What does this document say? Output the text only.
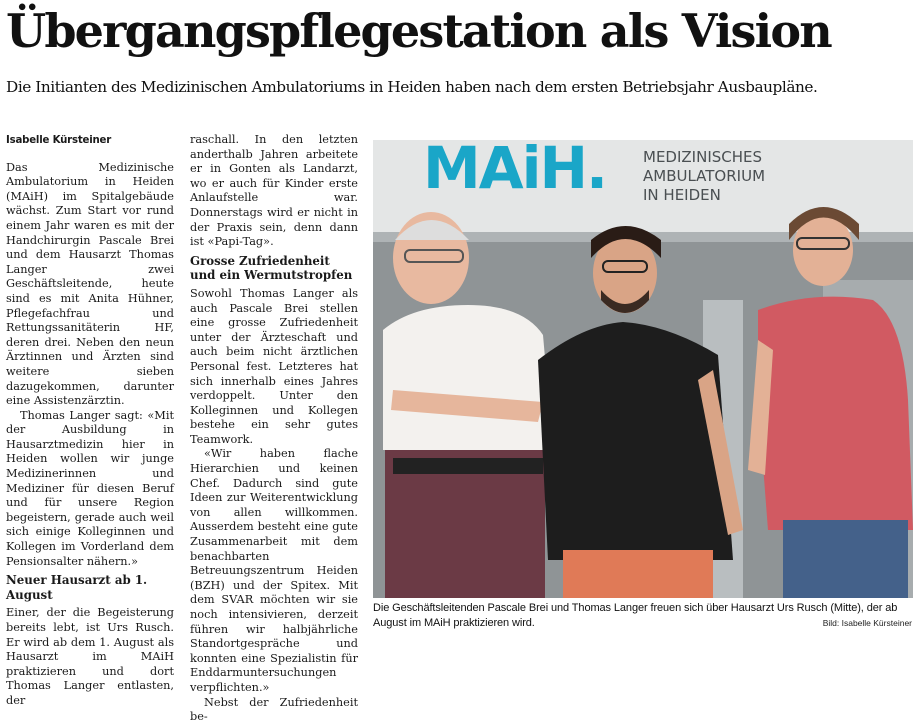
Übergangspflegestation als Vision

Die Initianten des Medizinischen Ambulatoriums in Heiden haben nach dem ersten Betriebsjahr Ausbaupläne.

Isabelle Kürsteiner

Das Medizinische Ambulatorium in Heiden (MAiH) im Spitalgebäude wächst. Zum Start vor rund einem Jahr waren es mit der Handchirurgin Pascale Brei und dem Hausarzt Thomas Langer zwei Geschäftsleitende, heute sind es mit Anita Hühner, Pflegefachfrau und Rettungssanitäterin HF, deren drei. Neben den neun Ärztinnen und Ärzten sind weitere sieben dazugekommen, darunter eine Assistenzärztin.

Thomas Langer sagt: «Mit der Ausbildung in Hausarztmedizin hier in Heiden wollen wir junge Medizinerinnen und Mediziner für diesen Beruf und für unsere Region begeistern, gerade auch weil sich einige Kolleginnen und Kollegen im Vorderland dem Pensionsalter nähern.»

Neuer Hausarzt ab 1. August

Einer, der die Begeisterung bereits lebt, ist Urs Rusch. Er wird ab dem 1. August als Hausarzt im MAiH praktizieren und dort Thomas Langer entlasten, der

raschall. In den letzten anderthalb Jahren arbeitete er in Gonten als Landarzt, wo er auch für Kinder erste Anlaufstelle war. Donnerstags wird er nicht in der Praxis sein, denn dann ist «Papi-Tag».

Grosse Zufriedenheit und ein Wermutstropfen

Sowohl Thomas Langer als auch Pascale Brei stellen eine grosse Zufriedenheit unter der Ärzteschaft und auch beim nicht ärztlichen Personal fest. Letzteres hat sich innerhalb eines Jahres verdoppelt. Unter den Kolleginnen und Kollegen bestehe ein sehr gutes Teamwork.

«Wir haben flache Hierarchien und keinen Chef. Dadurch sind gute Ideen zur Weiterentwicklung von allen willkommen. Ausserdem besteht eine gute Zusammenarbeit mit dem benachbarten Betreuungszentrum Heiden (BZH) und der Spitex. Mit dem SVAR möchten wir sie noch intensivieren, derzeit führen wir halbjährliche Standortgespräche und konnten eine Spezialistin für Enddarmuntersuchungen verpflichten.»

Nebst der Zufriedenheit be-

MAiH. MEDIZINISCHES
AMBULATORIUM
IN HEIDEN
Die Geschäftsleitenden Pascale Brei und Thomas Langer freuen sich über Hausarzt Urs Rusch (Mitte), der ab August im MAiH praktizieren wird.	Bild: Isabelle Kürsteiner
